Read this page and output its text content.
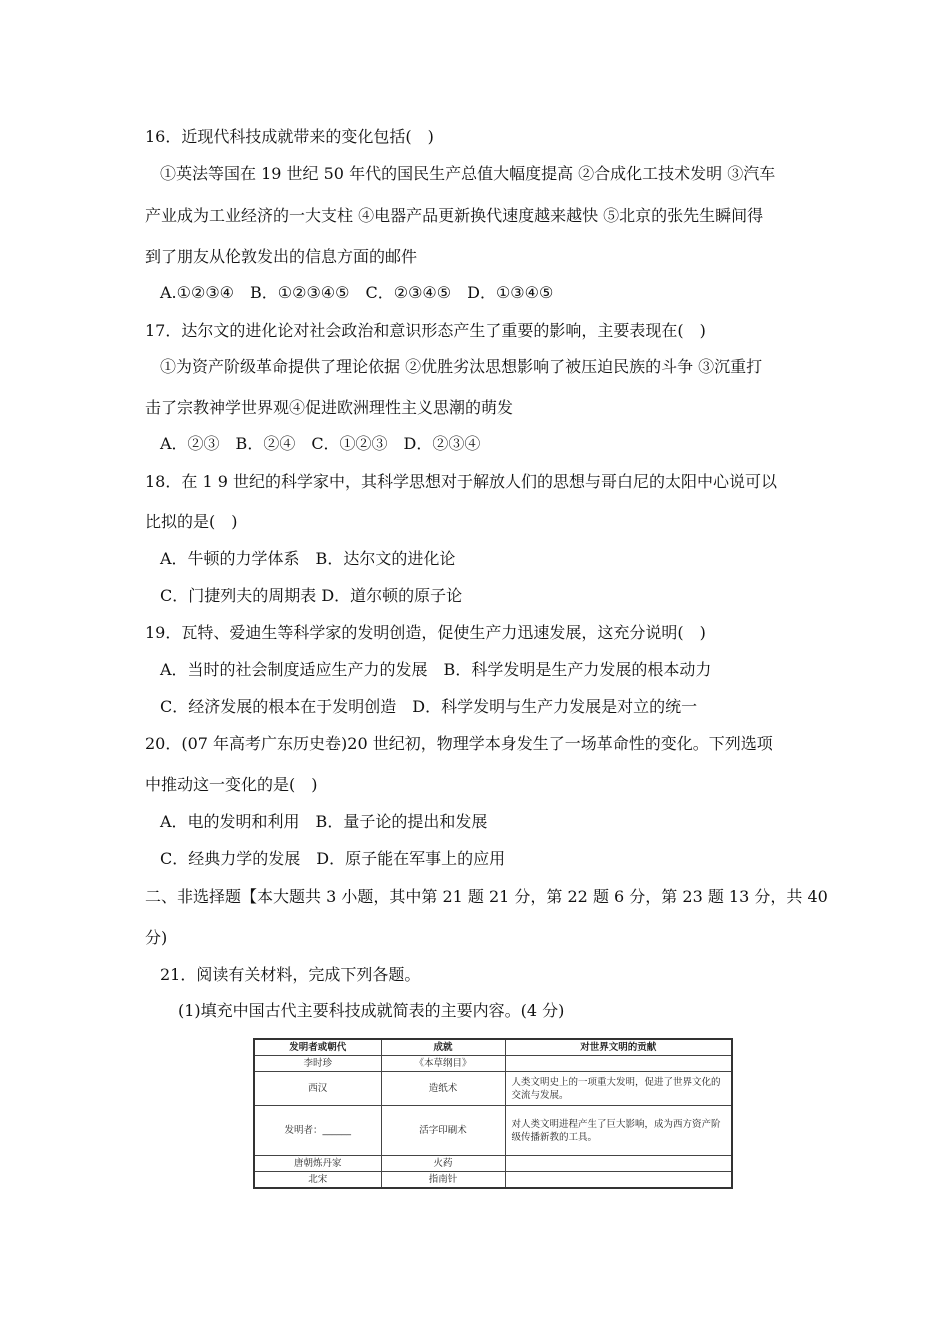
16．近现代科技成就带来的变化包括(　)
①英法等国在 19 世纪 50 年代的国民生产总值大幅度提高 ②合成化工技术发明 ③汽车
产业成为工业经济的一大支柱 ④电器产品更新换代速度越来越快 ⑤北京的张先生瞬间得
到了朋友从伦敦发出的信息方面的邮件
A.①②③④　B．①②③④⑤　C．②③④⑤　D．①③④⑤
17．达尔文的进化论对社会政治和意识形态产生了重要的影响，主要表现在(　)
①为资产阶级革命提供了理论依据 ②优胜劣汰思想影响了被压迫民族的斗争 ③沉重打
击了宗教神学世界观④促进欧洲理性主义思潮的萌发
A．②③　B．②④　C．①②③　D．②③④
18．在 1 9 世纪的科学家中，其科学思想对于解放人们的思想与哥白尼的太阳中心说可以
比拟的是(　)
A．牛顿的力学体系　B．达尔文的进化论
C．门捷列夫的周期表 D．道尔顿的原子论
19．瓦特、爱迪生等科学家的发明创造，促使生产力迅速发展，这充分说明(　)
A．当时的社会制度适应生产力的发展　B．科学发明是生产力发展的根本动力
C．经济发展的根本在于发明创造　D．科学发明与生产力发展是对立的统一
20．(07 年高考广东历史卷)20 世纪初，物理学本身发生了一场革命性的变化。下列选项
中推动这一变化的是(　)
A．电的发明和利用　B．量子论的提出和发展
C．经典力学的发展　D．原子能在军事上的应用
二、非选择题【本大题共 3 小题，其中第 21 题 21 分，第 22 题 6 分，第 23 题 13 分，共 40
分)
21．阅读有关材料，完成下列各题。
(1)填充中国古代主要科技成就简表的主要内容。(4 分)
发明者或朝代	成就	对世界文明的贡献
李时珍	《本草纲目》	
西汉	造纸术	人类文明史上的一项重大发明，促进了世界文化的交流与发展。
发明者：______	活字印刷术	对人类文明进程产生了巨大影响，成为西方资产阶级传播新教的工具。
唐朝炼丹家	火药	
北宋	指南针	
